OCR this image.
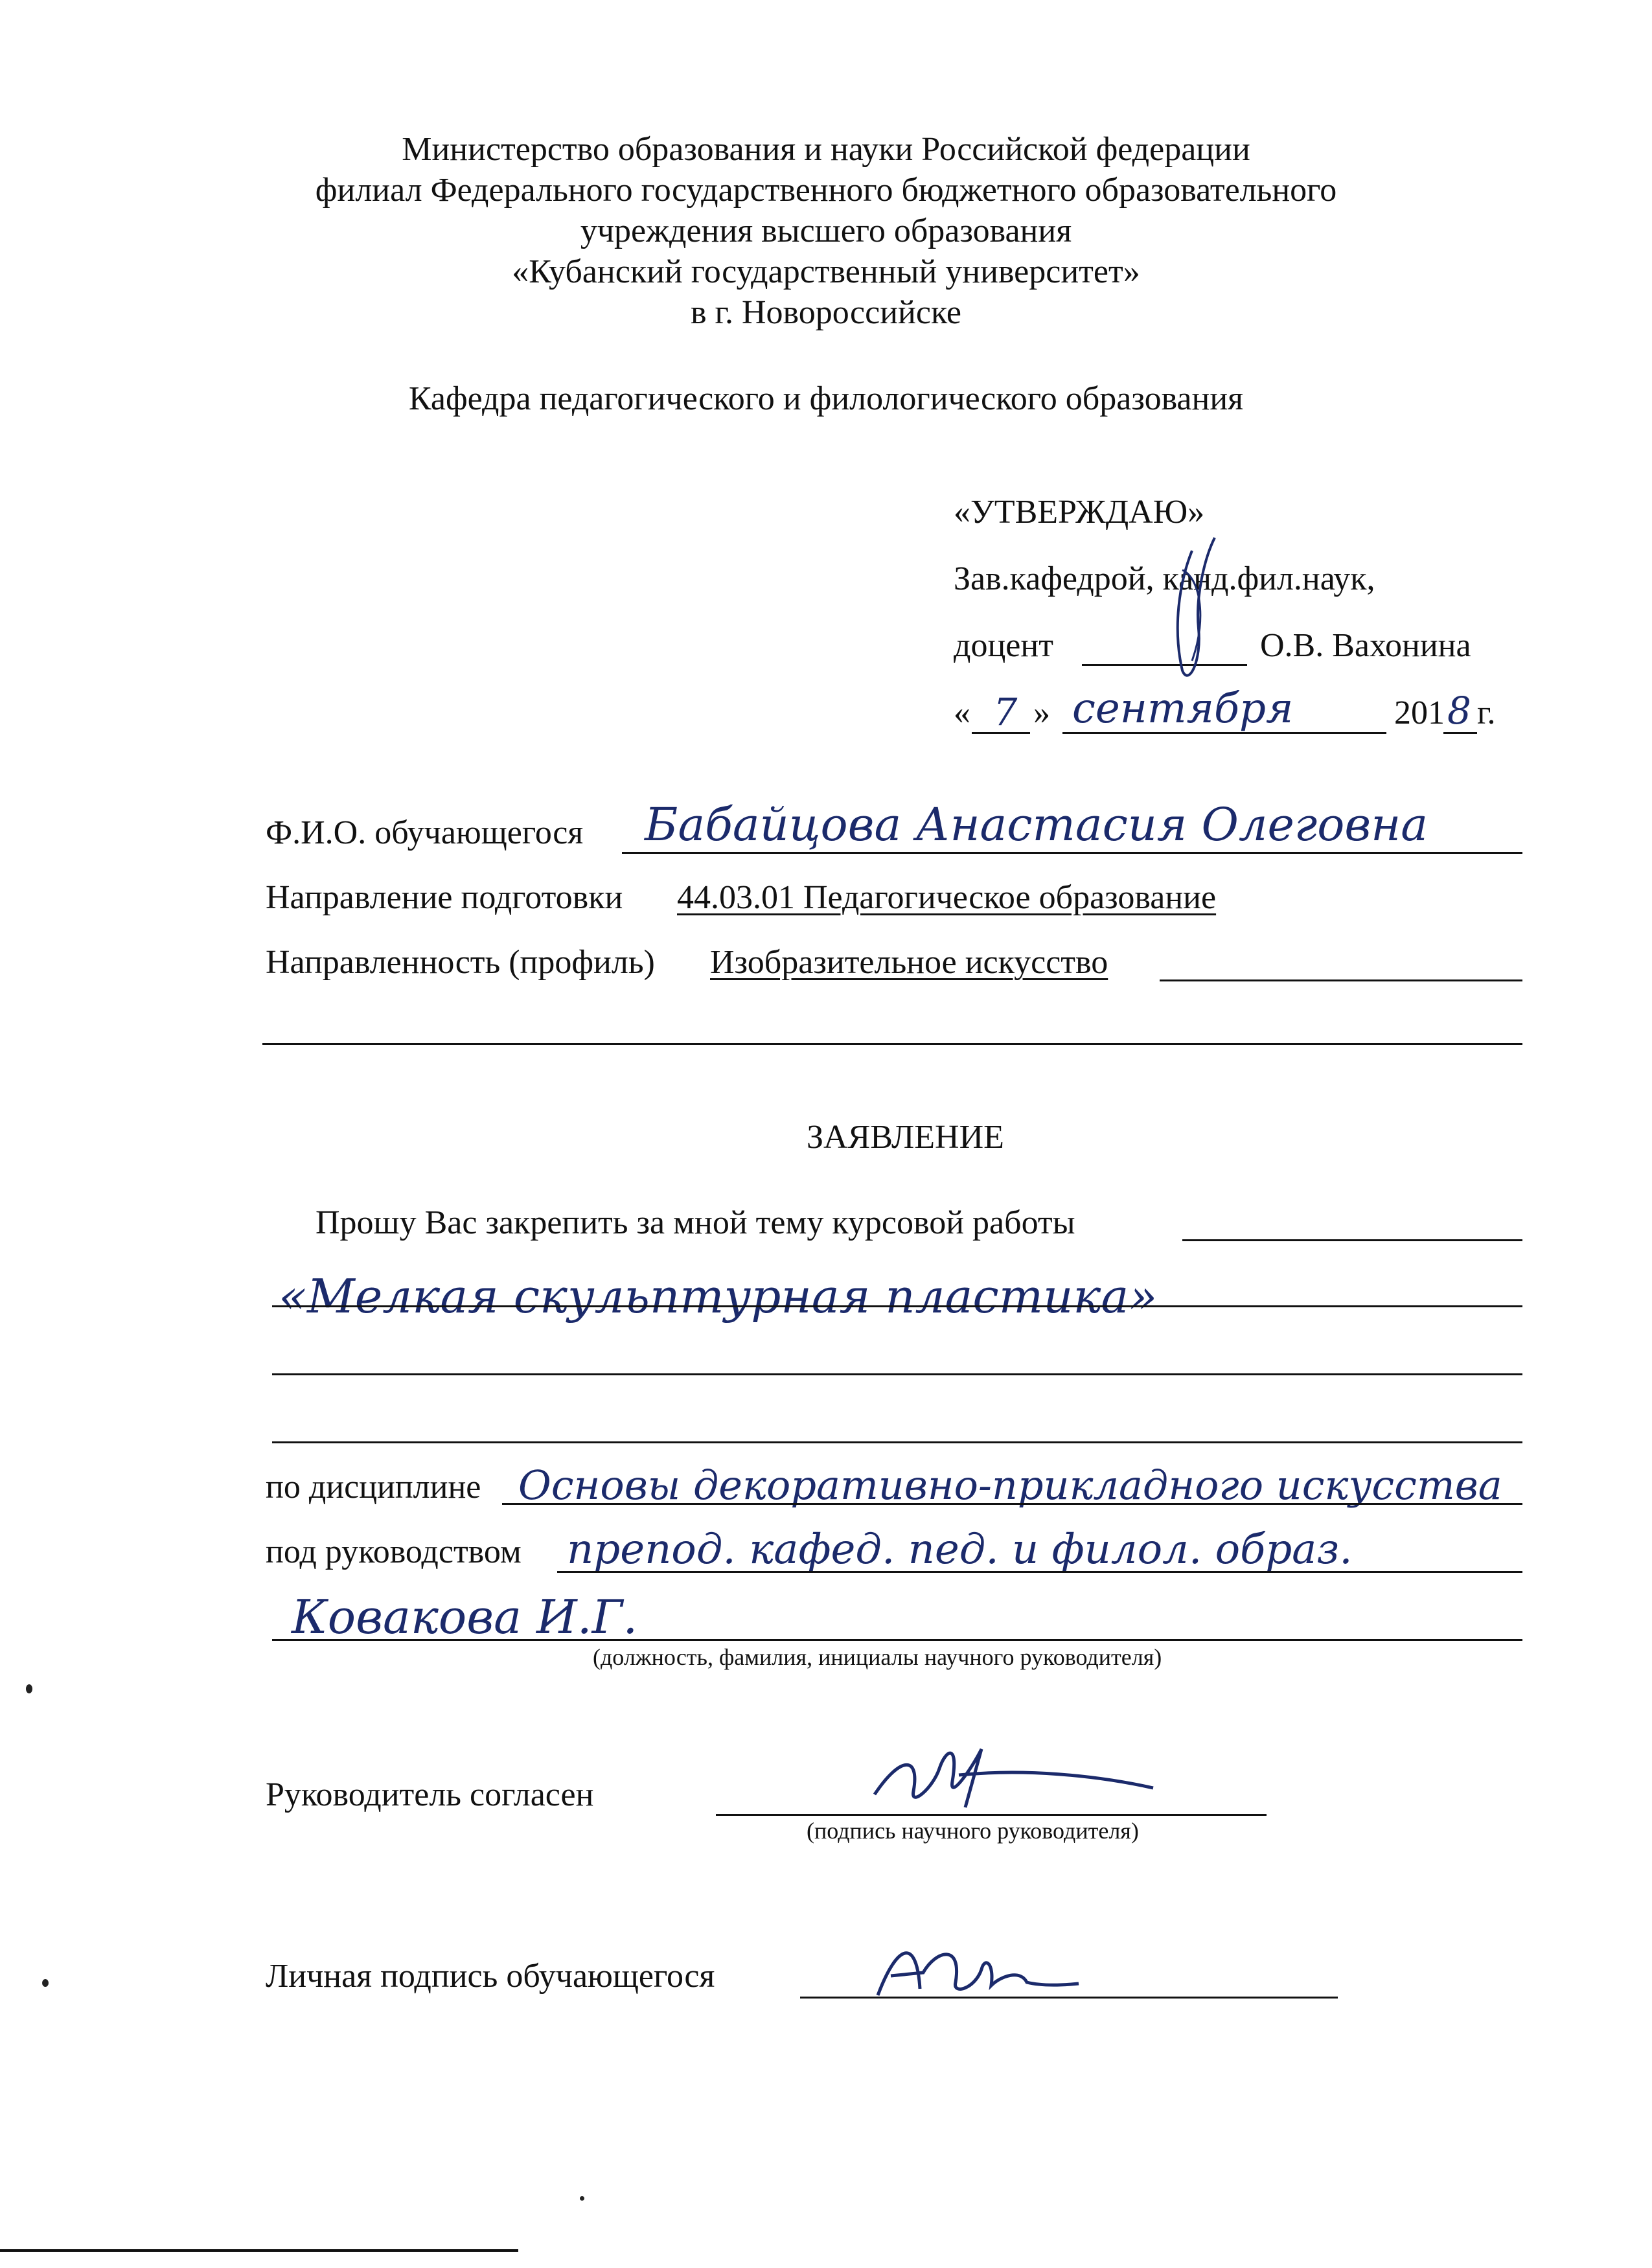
Министерство образования и науки Российской федерации
филиал Федерального государственного бюджетного образовательного
учреждения высшего образования
«Кубанский государственный университет»
в г. Новороссийске
Кафедра педагогического и филологического образования
«УТВЕРЖДАЮ»
Зав.кафедрой, канд.фил.наук,
доцент	О.В. Вахонина
« 7 » сентября	201 8 г.
Ф.И.О. обучающегося Бабайцова Анастасия Олеговна
Направление подготовки 44.03.01 Педагогическое образование
Направленность (профиль) Изобразительное искусство
ЗАЯВЛЕНИЕ
Прошу Вас закрепить за мной тему курсовой работы
«Мелкая скульптурная пластика»
по дисциплине Основы декоративно-прикладного искусства
под руководством препод. кафед. пед. и филол. образ.
Ковакова И.Г.
(должность, фамилия, инициалы научного руководителя)
Руководитель согласен
(подпись научного руководителя)
Личная подпись обучающегося
